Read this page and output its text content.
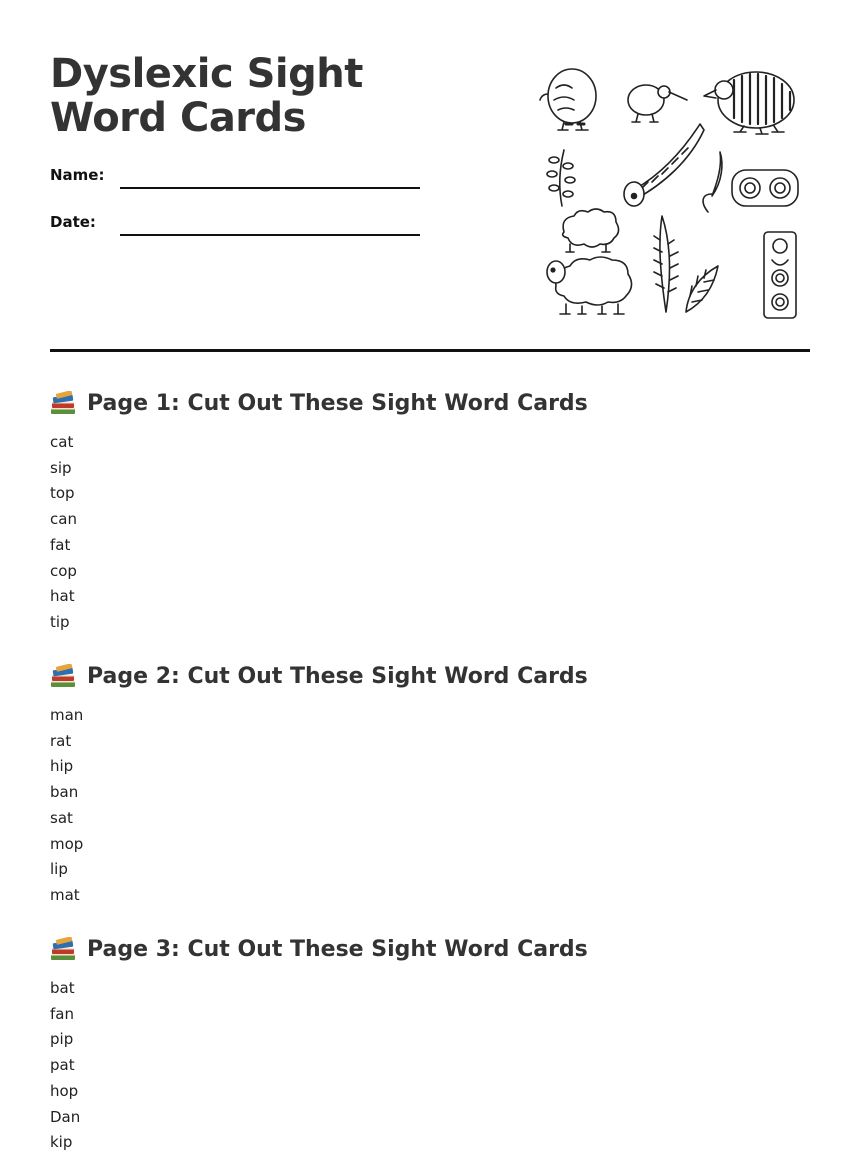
Dyslexic Sight Word Cards
Name:
Date:
Page 1: Cut Out These Sight Word Cards
cat
sip
top
can
fat
cop
hat
tip
Page 2: Cut Out These Sight Word Cards
man
rat
hip
ban
sat
mop
lip
mat
Page 3: Cut Out These Sight Word Cards
bat
fan
pip
pat
hop
Dan
kip
